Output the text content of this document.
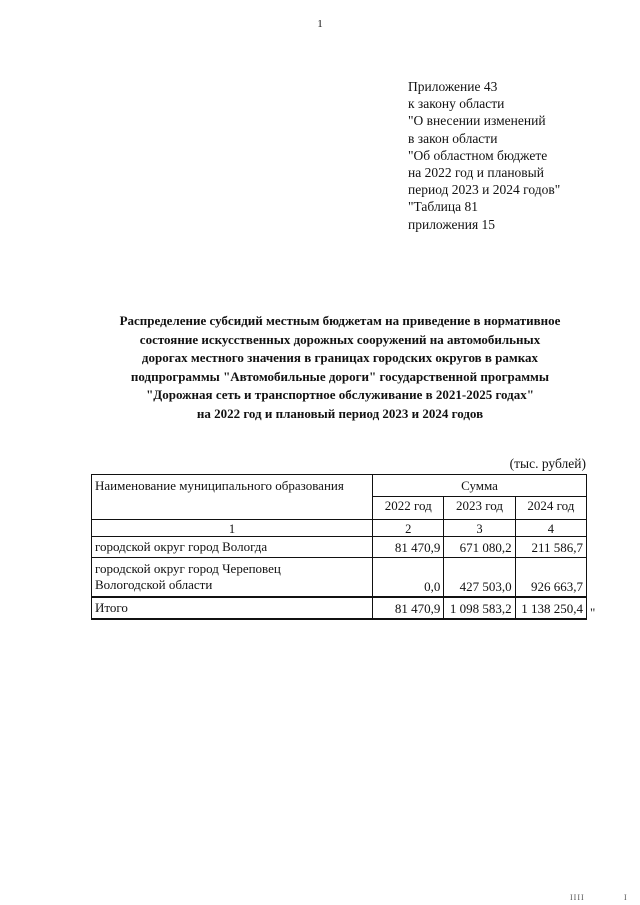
1
Приложение 43
к закону области
"О внесении изменений
в закон области
"Об областном бюджете
на 2022 год и плановый
период 2023 и 2024 годов"
"Таблица 81
приложения 15
Распределение субсидий местным бюджетам на приведение в нормативное
состояние искусственных дорожных сооружений на автомобильных
дорогах местного значения в границах городских округов в рамках
подпрограммы "Автомобильные дороги" государственной программы
"Дорожная сеть и транспортное обслуживание в 2021-2025 годах"
на 2022 год и плановый период 2023 и 2024 годов
(тыс. рублей)
Наименование муниципального образования	Сумма		
	2022 год	2023 год	2024 год
1	2	3	4
городской округ город Вологда	81 470,9	671 080,2	211 586,7

городской округ город Череповец
Вологодской области	0,0	427 503,0	926 663,7
Итого	81 470,9	1 098 583,2	1 138 250,4 "
IIII	I
